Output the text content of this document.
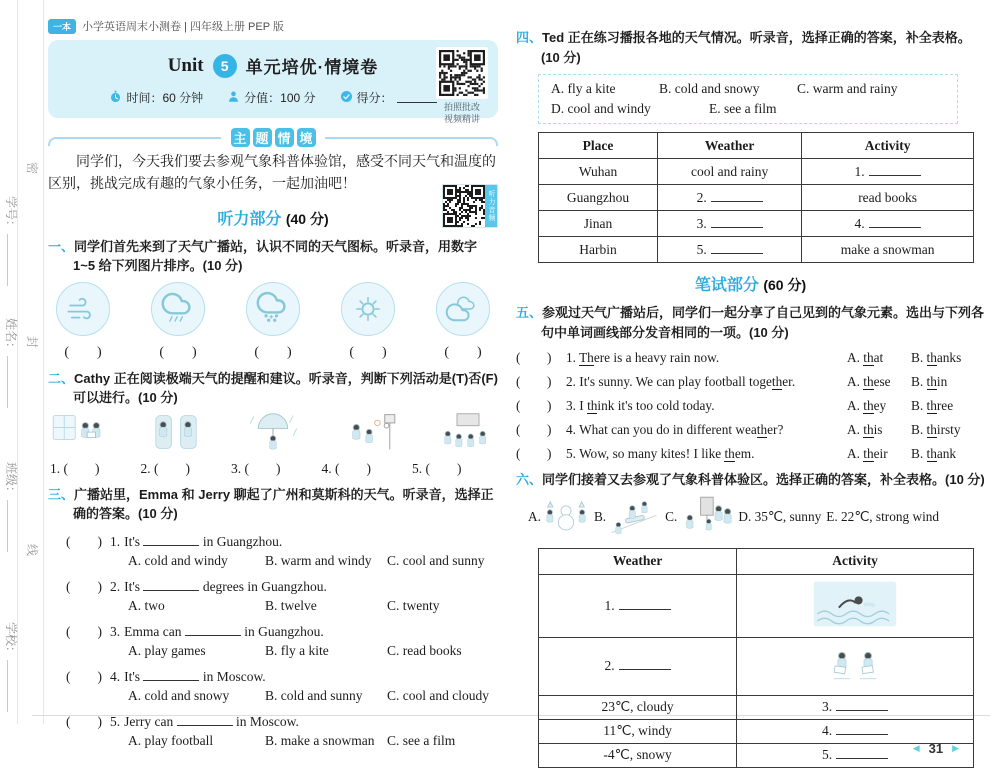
学号：
姓名：
班级：
学校：
密
封
线
一本	小学英语周末小测卷 | 四年级上册 PEP 版
Unit	5	单元培优·情境卷
时间：60 分钟	分值：100 分	得分：
拍照批改
视频精讲
主 题 情 境

同学们，今天我们要去参观气象科普体验馆，感受不同天气和温度的区别，挑战完成有趣的气象小任务，一起加油吧！

听力部分 (40 分)	听力音频

一、同学们首先来到了天气广播站，认识不同的天气图标。听录音，用数字 1~5 给下列图片排序。(10 分)

(　　)	(　　)	(　　)	(　　)	(　　)

二、Cathy 正在阅读极端天气的提醒和建议。听录音，判断下列活动是(T)否(F)可以进行。(10 分)

1. (　　)	2. (　　)	3. (　　)	4. (　　)	5. (　　)

三、广播站里，Emma 和 Jerry 聊起了广州和莫斯科的天气。听录音，选择正确的答案。(10 分)

(　　) 1. It's	in Guangzhou.
A. cold and windy	B. warm and windy	C. cool and sunny
(　　) 2. It's	degrees in Guangzhou.
A. two	B. twelve	C. twenty
(　　) 3. Emma can	in Guangzhou.
A. play games	B. fly a kite	C. read books
(　　) 4. It's	in Moscow.
A. cold and snowy	B. cold and sunny	C. cool and cloudy
(　　) 5. Jerry can	in Moscow.
A. play football	B. make a snowman C. see a film

四、Ted 正在练习播报各地的天气情况。听录音，选择正确的答案，补全表格。(10 分)

A. fly a kite	B. cold and snowy	C. warm and rainy
D. cool and windy	E. see a film
Place	Weather	Activity
Wuhan	cool and rainy	1.
Guangzhou	2.	read books
Jinan	3.	4.
Harbin	5.	make a snowman
笔试部分 (60 分)

五、参观过天气广播站后，同学们一起分享了自己见到的气象元素。选出与下列各句中单词画线部分发音相同的一项。(10 分)

(　　)	1. There is a heavy rain now.	A. that	B. thanks
(　　)	2. It's sunny. We can play football together.	A. these	B. thin
(　　)	3. I think it's too cold today.	A. they	B. three
(　　)	4. What can you do in different weather?	A. this	B. thirsty
(　　)	5. Wow, so many kites! I like them.	A. their	B. thank

六、同学们接着又去参观了气象科普体验区。选择正确的答案，补全表格。(10 分)

A.	B.	C.	D. 35℃, sunny E. 22℃, strong wind
Weather	Activity
1.	
2.	
23℃, cloudy	3.
11℃, windy	4.
-4℃, snowy	5.	◀ 31 ▶
